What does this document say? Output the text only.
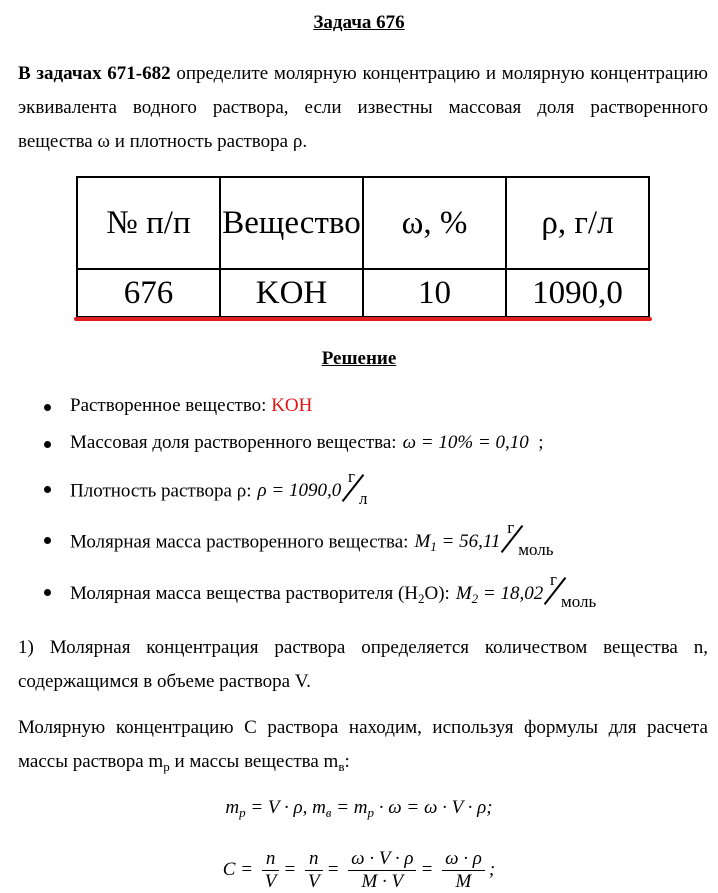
Задача 676
В задачах 671-682 определите молярную концентрацию и молярную концентрацию эквивалента водного раствора, если известны массовая доля растворенного вещества ω и плотность раствора ρ.
№ п/п	Вещество	ω, %	ρ, г/л
676	KOH	10	1090,0
Решение
Растворенное вещество: KOH
Массовая доля растворенного вещества: ω = 10% = 0,10 ;
Плотность раствора ρ: ρ = 1090,0
г
л
Молярная масса растворенного вещества: $M_1 = 56,11$
г
моль
Молярная масса вещества растворителя $(H_2O)$: $M_2 = 18,02$
г
моль
1) Молярная концентрация раствора определяется количеством вещества n, содержащимся в объеме раствора V.
Молярную концентрацию С раствора находим, используя формулы для расчета массы раствора $m_р$ и массы вещества $m_в$:
$m_p = V \cdot \rho$, $m_в = m_p \cdot \omega = \omega \cdot V \cdot \rho$;
$C = \frac{n}{V} = \frac{n}{V} = \frac{\omega \cdot V \cdot \rho}{M \cdot V} = \frac{\omega \cdot \rho}{M}$ ;
